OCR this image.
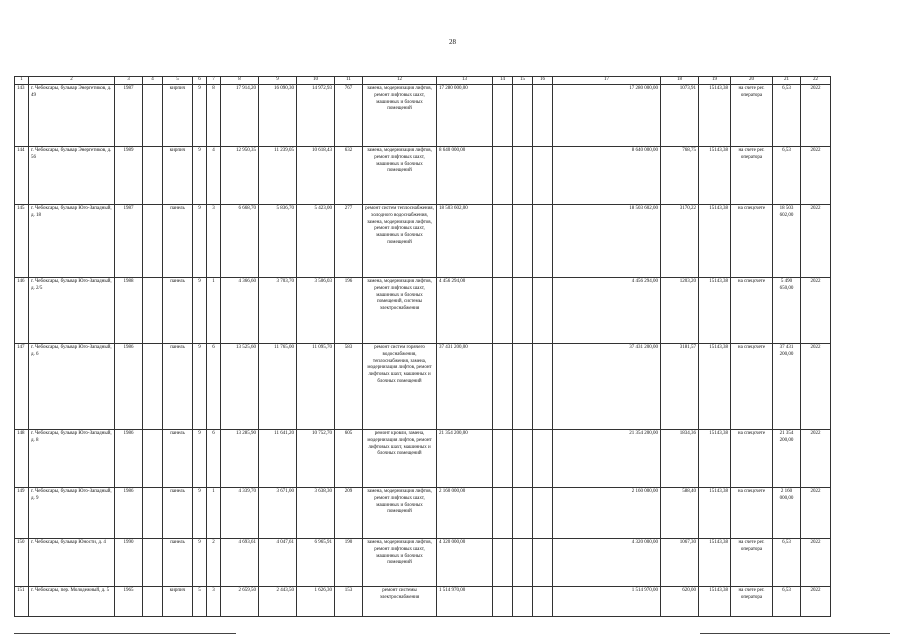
28
1	2	3	4	5	6	7	8	9	10	11	12	13	14	15	16	17	18	19	20	21	22
143	г. Чебоксары, бульвар Энергетиков, д. 49	1987		кирпич	9	8	17 914,20	16 090,30	14 972,93	767	замена, модернизация лифтов, ремонт лифтовых шахт, машинных и блочных помещений	17 280 000,00				17 280 000,00	1073,91	15143,38	на счете рег. оператора	6,53	2022
144	г. Чебоксары, бульвар Энергетиков, д. 56	1989		кирпич	9	4	12 950,35	11 239,05	10 618,43	632	замена, модернизация лифтов, ремонт лифтовых шахт, машинных и блочных помещений	8 640 000,00				8 640 000,00	768,75	15143,38	на счете рег. оператора	6,53	2022
145	г. Чебоксары, бульвар Юго-Западный, д. 18	1987		панель	9	3	6 668,70	5 836,70	5 423,00	277	ремонт систем теплоснабжения, холодного водоснабжения, замена, модернизация лифтов, ремонт лифтовых шахт, машинных и блочных помещений	18 503 602,00				18 503 602,00	3170,22	15143,38	на спецсчете	18 503 602,00	2022
146	г. Чебоксары, бульвар Юго-Западный, д. 2/5	1988		панель	9	1	4 366,60	3 703,70	3 506,03	196	замена, модернизация лифтов, ремонт лифтовых шахт, машинных и блочных помещений, системы электроснабжения	4 456 294,00				4 456 294,00	1203,20	15143,38	на спецсчете	5 490 650,00	2022
147	г. Чебоксары, бульвар Юго-Западный, д. 6	1986		панель	9	6	13 525,60	11 765,00	11 095,70	583	ремонт систем горячего водоснабжения, теплоснабжения, замена, модернизация лифтов, ремонт лифтовых шахт, машинных и блочных помещений	37 431 200,00				37 431 200,00	3181,57	15143,38	на спецсчете	37 431 200,00	2022
148	г. Чебоксары, бульвар Юго-Западный, д. 8	1986		панель	9	6	13 285,90	11 641,20	10 752,70	605	ремонт кровли, замена, модернизация лифтов, ремонт лифтовых шахт, машинных и блочных помещений	21 354 200,00				21 354 200,00	1834,36	15143,38	на спецсчете	21 354 200,00	2022
149	г. Чебоксары, бульвар Юго-Западный, д. 9	1986		панель	9	1	4 339,70	3 671,00	3 638,30	209	замена, модернизация лифтов, ремонт лифтовых шахт, машинных и блочных помещений	2 160 000,00				2 160 000,00	588,40	15143,38	на спецсчете	2 160 000,00	2022
150	г. Чебоксары, бульвар Юности, д. 4	1990		панель	9	2	4 693,61	4 047,61	6 965,91	190	замена, модернизация лифтов, ремонт лифтовых шахт, машинных и блочных помещений	4 320 000,00				4 320 000,00	1067,30	15143,38	на счете рег. оператора	6,53	2022
151	г. Чебоксары, пер. Молодежный, д. 5	1965		кирпич	5	3	2 659,50	2 443,50	1 626,30	153	ремонт системы электроснабжения	1 514 970,00				1 514 970,00	620,00	15143,38	на счете рег. оператора	6,53	2022
